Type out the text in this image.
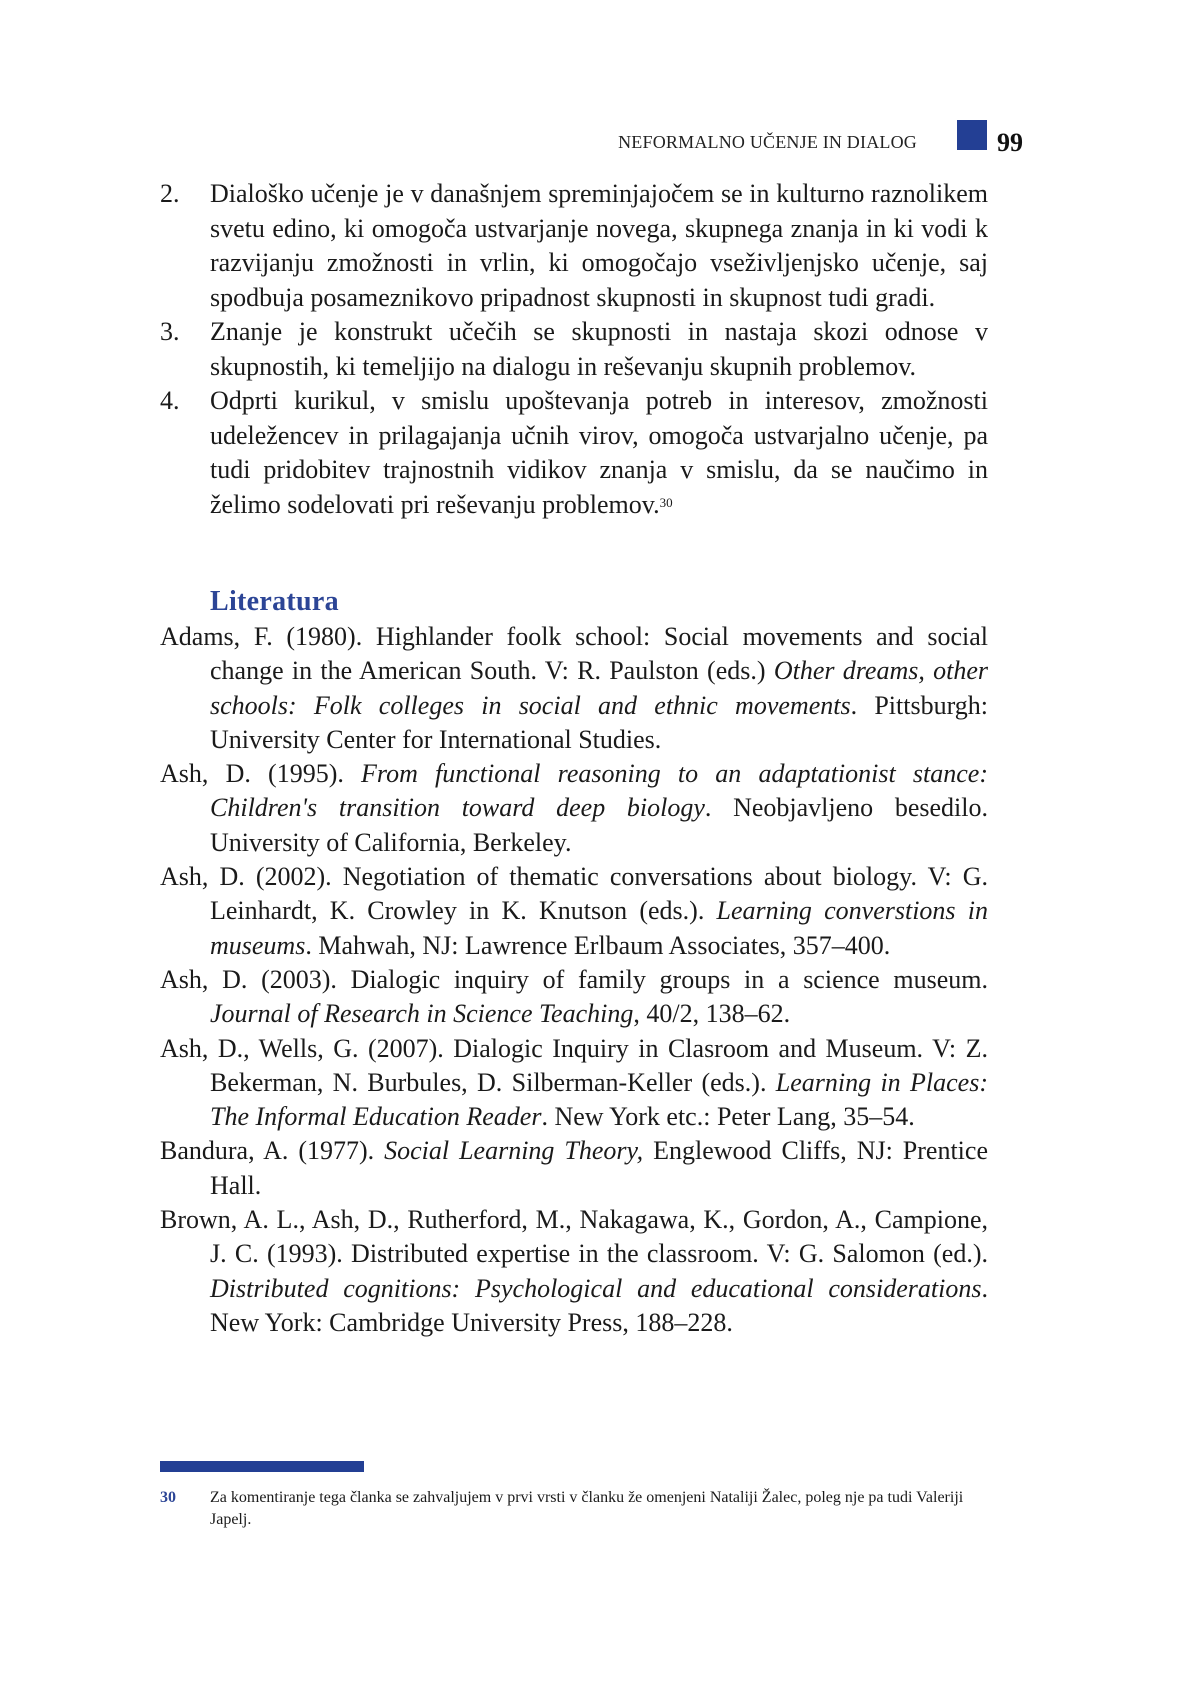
NEFORMALNO UČENJE IN DIALOG	99
2. Dialoško učenje je v današnjem spreminjajočem se in kulturno raznolikem svetu edino, ki omogoča ustvarjanje novega, skupnega znanja in ki vodi k razvijanju zmožnosti in vrlin, ki omogočajo vseživljenjsko učenje, saj spodbuja posameznikovo pripadnost skupnosti in skupnost tudi gradi.
3. Znanje je konstrukt učečih se skupnosti in nastaja skozi odnose v skupnostih, ki temeljijo na dialogu in reševanju skupnih problemov.
4. Odprti kurikul, v smislu upoštevanja potreb in interesov, zmožnosti udeležencev in prilagajanja učnih virov, omogoča ustvarjalno učenje, pa tudi pridobitev trajnostnih vidikov znanja v smislu, da se naučimo in želimo sodelovati pri reševanju problemov.$^{30}$
Literatura
Adams, F. (1980). Highlander foolk school: Social movements and social change in the American South. V: R. Paulston (eds.) Other dreams, other schools: Folk colleges in social and ethnic movements. Pittsburgh: University Center for International Studies.
Ash, D. (1995). From functional reasoning to an adaptationist stance: Children's transition toward deep biology. Neobjavljeno besedilo. University of California, Berkeley.
Ash, D. (2002). Negotiation of thematic conversations about biology. V: G. Leinhardt, K. Crowley in K. Knutson (eds.). Learning converstions in museums. Mahwah, NJ: Lawrence Erlbaum Associates, 357–400.
Ash, D. (2003). Dialogic inquiry of family groups in a science museum. Journal of Research in Science Teaching, 40/2, 138–62.
Ash, D., Wells, G. (2007). Dialogic Inquiry in Clasroom and Museum. V: Z. Bekerman, N. Burbules, D. Silberman-Keller (eds.). Learning in Places: The Informal Education Reader. New York etc.: Peter Lang, 35–54.
Bandura, A. (1977). Social Learning Theory, Englewood Cliffs, NJ: Prentice Hall.
Brown, A. L., Ash, D., Rutherford, M., Nakagawa, K., Gordon, A., Campione, J. C. (1993). Distributed expertise in the classroom. V: G. Salomon (ed.). Distributed cognitions: Psychological and educational considerations. New York: Cambridge University Press, 188–228.
30	Za komentiranje tega članka se zahvaljujem v prvi vrsti v članku že omenjeni Nataliji Žalec, poleg nje pa tudi Valeriji Japelj.
